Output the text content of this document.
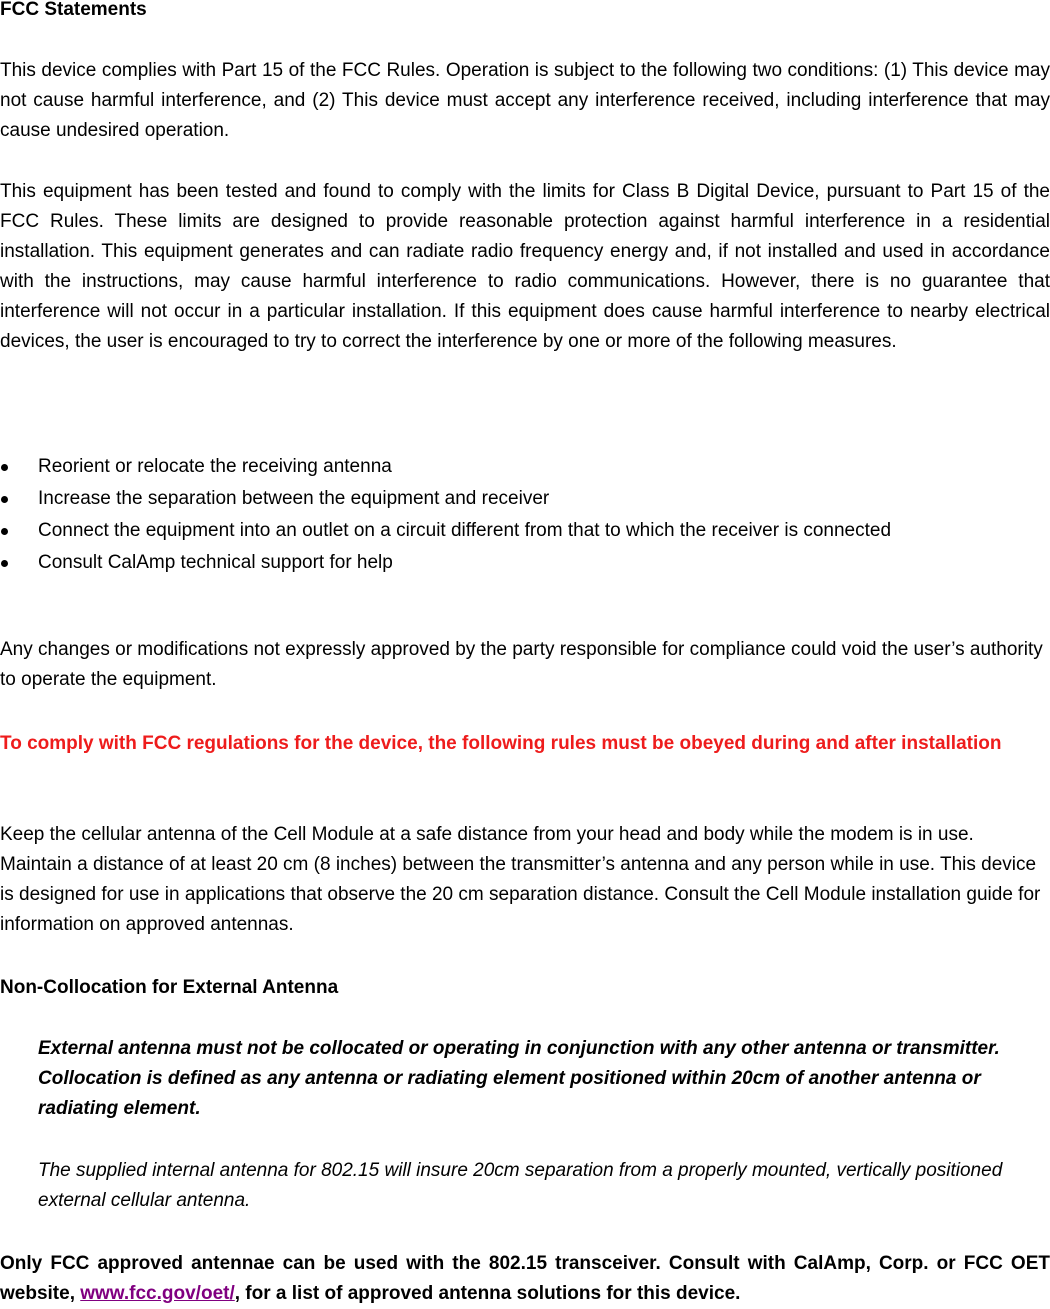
FCC Statements

This device complies with Part 15 of the FCC Rules. Operation is subject to the following two conditions: (1) This device may not cause harmful interference, and (2) This device must accept any interference received, including interference that may cause undesired operation.

This equipment has been tested and found to comply with the limits for Class B Digital Device, pursuant to Part 15 of the FCC Rules. These limits are designed to provide reasonable protection against harmful interference in a residential installation. This equipment generates and can radiate radio frequency energy and, if not installed and used in accordance with the instructions, may cause harmful interference to radio communications. However, there is no guarantee that interference will not occur in a particular installation. If this equipment does cause harmful interference to nearby electrical devices, the user is encouraged to try to correct the interference by one or more of the following measures.

Reorient or relocate the receiving antenna
Increase the separation between the equipment and receiver
Connect the equipment into an outlet on a circuit different from that to which the receiver is connected
Consult CalAmp technical support for help

Any changes or modifications not expressly approved by the party responsible for compliance could void the user’s authority to operate the equipment.

To comply with FCC regulations for the device, the following rules must be obeyed during and after installation

Keep the cellular antenna of the Cell Module at a safe distance from your head and body while the modem is in use. Maintain a distance of at least 20 cm (8 inches) between the transmitter’s antenna and any person while in use. This device is designed for use in applications that observe the 20 cm separation distance. Consult the Cell Module installation guide for information on approved antennas.

Non-Collocation for External Antenna

External antenna must not be collocated or operating in conjunction with any other antenna or transmitter. Collocation is defined as any antenna or radiating element positioned within 20cm of another antenna or radiating element.

The supplied internal antenna for 802.15 will insure 20cm separation from a properly mounted, vertically positioned external cellular antenna.

Only FCC approved antennae can be used with the 802.15 transceiver. Consult with CalAmp, Corp. or FCC OET website, www.fcc.gov/oet/, for a list of approved antenna solutions for this device.
